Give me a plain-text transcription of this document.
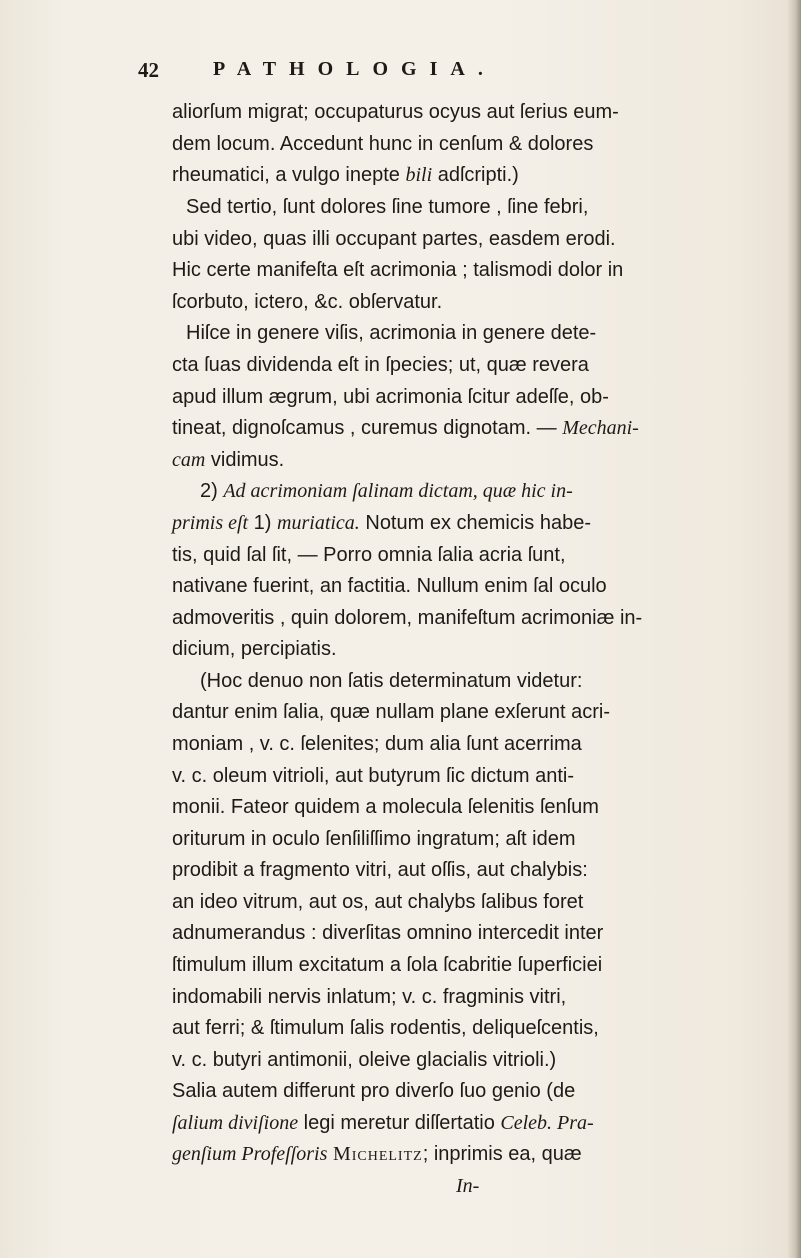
42	PATHOLOGIA.
aliorſum migrat; occupaturus ocyus aut ſerius eum-
dem locum. Accedunt hunc in cenſum & dolores
rheumatici, a vulgo inepte bili adſcripti.)
Sed tertio, ſunt dolores ſine tumore , ſine febri,
ubi video, quas illi occupant partes, easdem erodi.
Hic certe manifeſta eſt acrimonia ; talismodi dolor in
ſcorbuto, ictero, &c. obſervatur.
Hiſce in genere viſis, acrimonia in genere dete-
cta ſuas dividenda eſt in ſpecies; ut, quæ revera
apud illum ægrum, ubi acrimonia ſcitur adeſſe, ob-
tineat, dignoſcamus , curemus dignotam. — Mechani-
cam vidimus.
2) Ad acrimoniam ſalinam dictam, quæ hic in-
primis eſt 1) muriatica. Notum ex chemicis habe-
tis, quid ſal ſit, — Porro omnia ſalia acria ſunt,
nativane fuerint, an factitia. Nullum enim ſal oculo
admoveritis , quin dolorem, manifeſtum acrimoniæ in-
dicium, percipiatis.
(Hoc denuo non ſatis determinatum videtur:
dantur enim ſalia, quæ nullam plane exſerunt acri-
moniam , v. c. ſelenites; dum alia ſunt acerrima
v. c. oleum vitrioli, aut butyrum ſic dictum anti-
monii. Fateor quidem a molecula ſelenitis ſenſum
oriturum in oculo ſenſiliſſimo ingratum; aſt idem
prodibit a fragmento vitri, aut oſſis, aut chalybis:
an ideo vitrum, aut os, aut chalybs ſalibus foret
adnumerandus : diverſitas omnino intercedit inter
ſtimulum illum excitatum a ſola ſcabritie ſuperficiei
indomabili nervis inlatum; v. c. fragminis vitri,
aut ferri; & ſtimulum ſalis rodentis, deliqueſcentis,
v. c. butyri antimonii, oleive glacialis vitrioli.)
Salia autem differunt pro diverſo ſuo genio (de
ſalium diviſione legi meretur diſſertatio Celeb. Pra-
genſium Profeſſoris Michelitz; inprimis ea, quæ
In-
